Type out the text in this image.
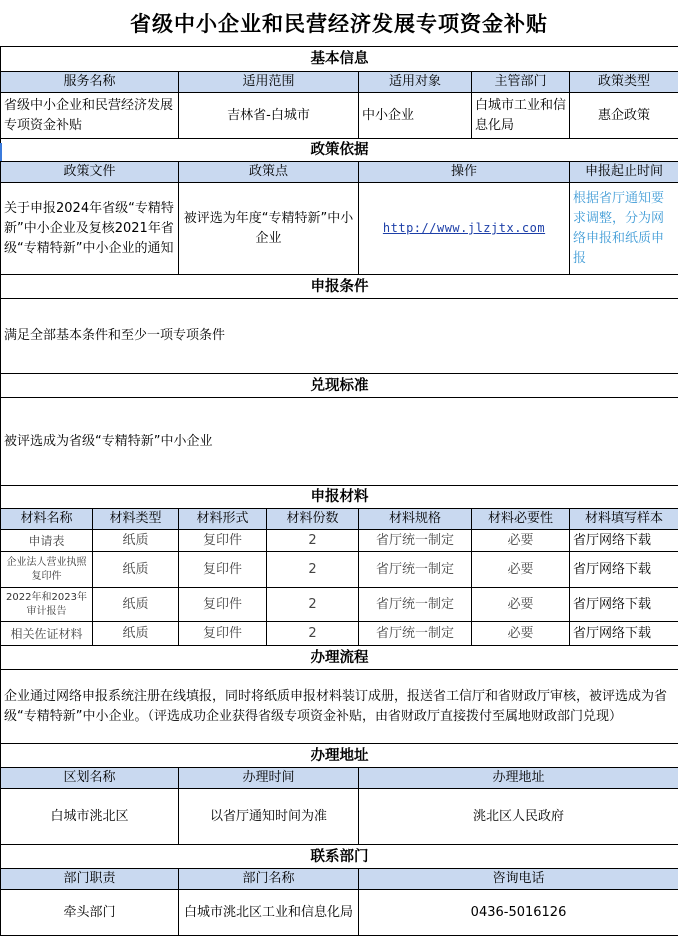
省级中小企业和民营经济发展专项资金补贴
基本信息						
服务名称		适用范围		适用对象	主管部门	政策类型
省级中小企业和民营经济发展专项资金补贴		吉林省-白城市		中小企业	白城市工业和信息化局	惠企政策
政策依据						
政策文件		政策点		操作		申报起止时间
关于申报2024年省级“专精特新”中小企业及复核2021年省级“专精特新”中小企业的通知		被评选为年度“专精特新”中小企业		http://www.jlzjtx.com		根据省厅通知要求调整，分为网络申报和纸质申报
申报条件						
满足全部基本条件和至少一项专项条件						
兑现标准						
被评选成为省级“专精特新”中小企业						
申报材料						
材料名称	材料类型	材料形式	材料份数	材料规格	材料必要性	材料填写样本
申请表	纸质	复印件	2	省厅统一制定	必要	省厅网络下载
企业法人营业执照复印件	纸质	复印件	2	省厅统一制定	必要	省厅网络下载
2022年和2023年审计报告	纸质	复印件	2	省厅统一制定	必要	省厅网络下载
相关佐证材料	纸质	复印件	2	省厅统一制定	必要	省厅网络下载
办理流程						
企业通过网络申报系统注册在线填报，同时将纸质申报材料装订成册，报送省工信厅和省财政厅审核，被评选成为省级“专精特新”中小企业。（评选成功企业获得省级专项资金补贴，由省财政厅直接拨付至属地财政部门兑现）						
办理地址						
区划名称		办理时间		办理地址		
白城市洮北区		以省厅通知时间为准		洮北区人民政府		
联系部门						
部门职责		部门名称		咨询电话		
牵头部门		白城市洮北区工业和信息化局		0436-5016126		
